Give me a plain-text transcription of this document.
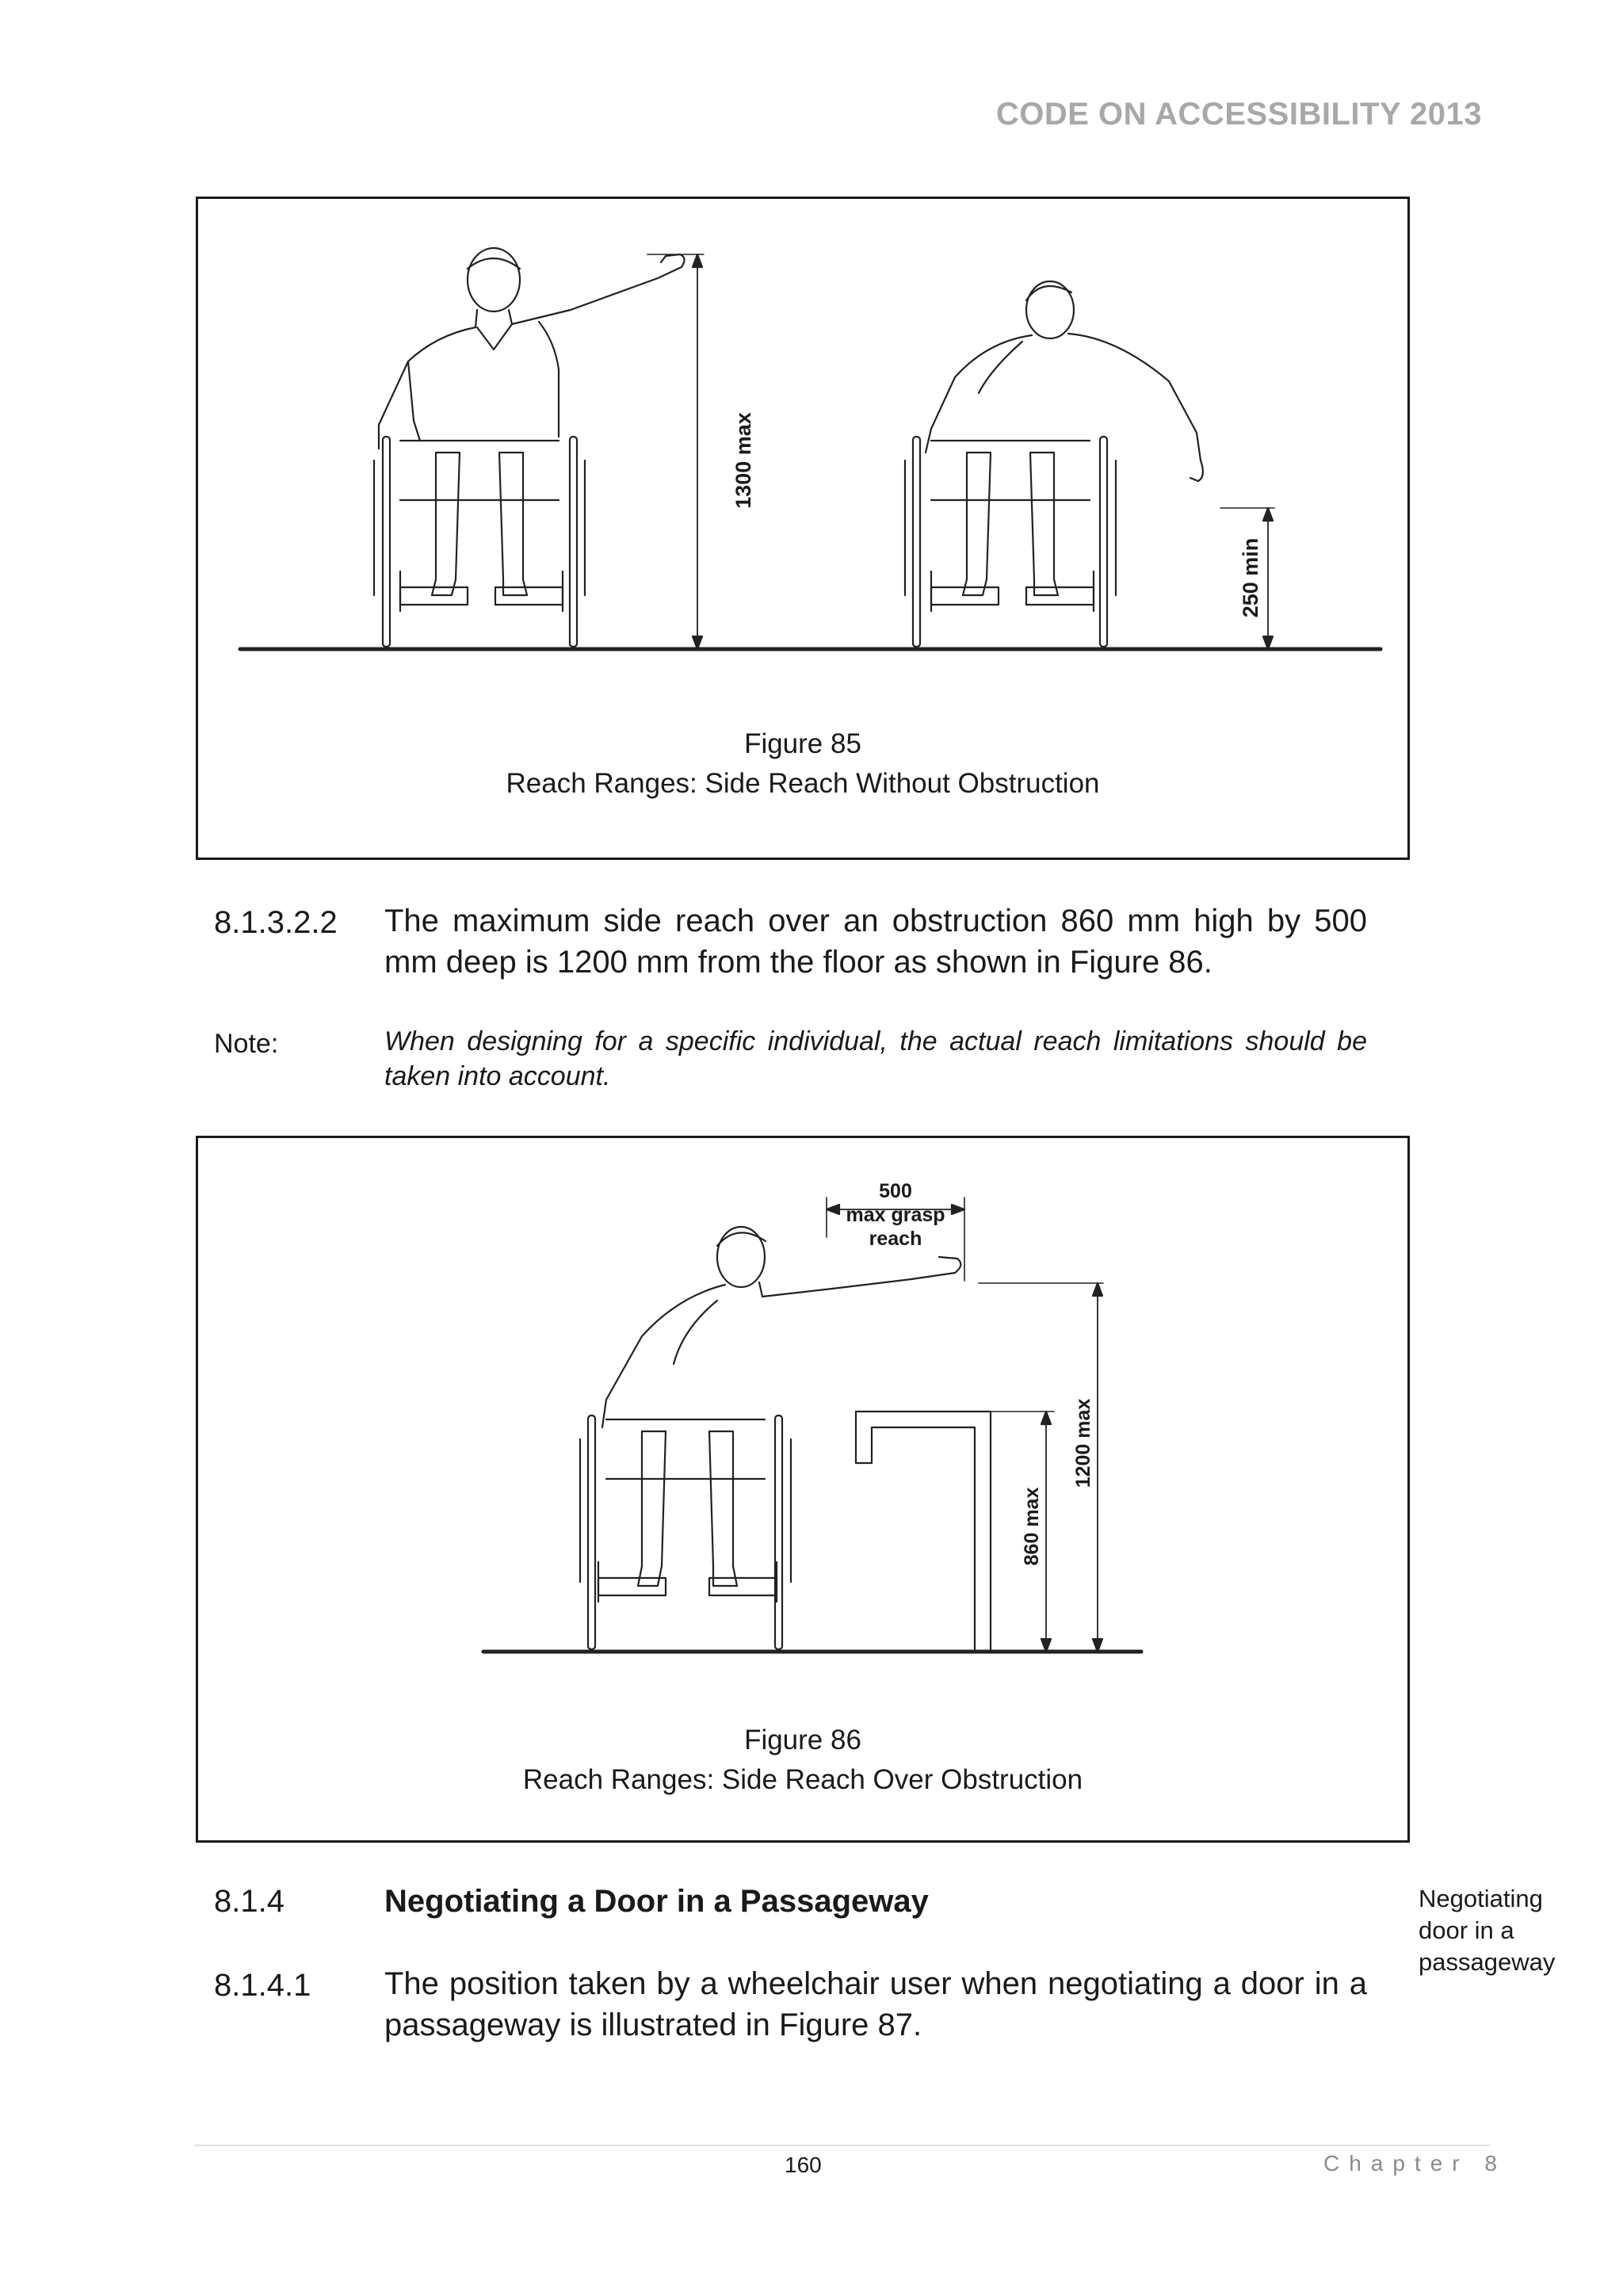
CODE ON ACCESSIBILITY 2013
1300 max
250 min
Figure 85
Reach Ranges: Side Reach Without Obstruction
8.1.3.2.2 The maximum side reach over an obstruction 860 mm high by 500 mm deep is 1200 mm from the floor as shown in Figure 86.
Note:	When designing for a specific individual, the actual reach limitations should be taken into account.
500
max grasp
reach
860 max
1200 max
Figure 86
Reach Ranges: Side Reach Over Obstruction
8.1.4	Negotiating a Door in a Passageway	Negotiating
door in a
passageway
8.1.4.1 The position taken by a wheelchair user when negotiating a door in a passageway is illustrated in Figure 87.
160	Chapter 8
